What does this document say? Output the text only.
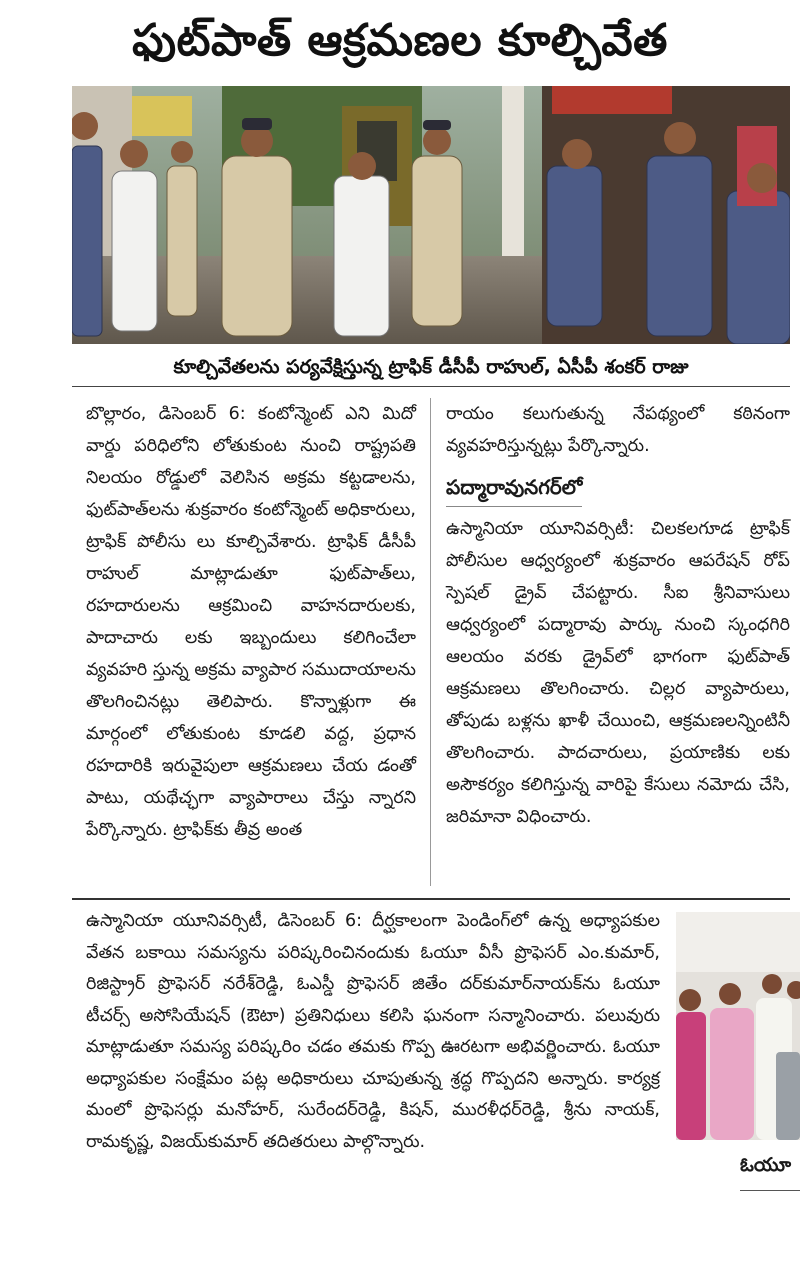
ఫుట్‌పాత్ ఆక్రమణల కూల్చివేత
కూల్చివేతలను పర్యవేక్షిస్తున్న ట్రాఫిక్ డీసీపీ రాహుల్, ఏసీపీ శంకర్ రాజు

బొల్లారం, డిసెంబర్ 6: కంటోన్మెంట్ ఎని మిదో వార్డు పరిధిలోని లోతుకుంట నుంచి రాష్ట్రపతి నిలయం రోడ్డులో వెలిసిన అక్రమ కట్టడాలను, ఫుట్‌పాత్‌లను శుక్రవారం కంటోన్మెంట్ అధికారులు, ట్రాఫిక్ పోలీసు లు కూల్చివేశారు. ట్రాఫిక్ డీసీపీ రాహుల్ మాట్లాడుతూ ఫుట్‌పాత్‌లు, రహదారులను ఆక్రమించి వాహనదారులకు, పాదాచారు లకు ఇబ్బందులు కలిగించేలా వ్యవహరి స్తున్న అక్రమ వ్యాపార సముదాయాలను తొలగించినట్లు తెలిపారు. కొన్నాళ్లుగా ఈ మార్గంలో లోతుకుంట కూడలి వద్ద, ప్రధాన రహదారికి ఇరువైపులా ఆక్రమణలు చేయ డంతో పాటు, యథేచ్ఛగా వ్యాపారాలు చేస్తు న్నారని పేర్కొన్నారు. ట్రాఫిక్‌కు తీవ్ర అంత

రాయం కలుగుతున్న నేపథ్యంలో కఠినంగా వ్యవహరిస్తున్నట్లు పేర్కొన్నారు.

పద్మారావునగర్‌లో

ఉస్మానియా యూనివర్సిటీ: చిలకలగూడ ట్రాఫిక్ పోలీసుల ఆధ్వర్యంలో శుక్రవారం ఆపరేషన్ రోప్ స్పెషల్ డ్రైవ్ చేపట్టారు. సీఐ శ్రీనివాసులు ఆధ్వర్యంలో పద్మారావు పార్కు నుంచి స్కంధగిరి ఆలయం వరకు డ్రైవ్‌లో భాగంగా ఫుట్‌పాత్ ఆక్రమణలు తొలగించారు. చిల్లర వ్యాపారులు, తోపుడు బళ్లను ఖాళీ చేయించి, ఆక్రమణలన్నింటినీ తొలగించారు. పాదచారులు, ప్రయాణికు లకు అసౌకర్యం కలిగిస్తున్న వారిపై కేసులు నమోదు చేసి, జరిమానా విధించారు.

ఉస్మానియా యూనివర్సిటీ, డిసెంబర్ 6: దీర్ఘకాలంగా పెండింగ్‌లో ఉన్న అధ్యాపకుల వేతన బకాయి సమస్యను పరిష్కరించినందుకు ఓయూ వీసీ ప్రొఫెసర్ ఎం.కుమార్, రిజిస్ట్రార్ ప్రొఫెసర్ నరేశ్‌రెడ్డి, ఓఎస్డీ ప్రొఫెసర్ జితేం దర్‌కుమార్‌నాయక్‌ను ఓయూ టీచర్స్ అసోసియేషన్ (ఔటా) ప్రతినిధులు కలిసి ఘనంగా సన్మానించారు. పలువురు మాట్లాడుతూ సమస్య పరిష్కరిం చడం తమకు గొప్ప ఊరటగా అభివర్ణించారు. ఓయూ అధ్యాపకుల సంక్షేమం పట్ల అధికారులు చూపుతున్న శ్రద్ధ గొప్పదని అన్నారు. కార్యక్ర మంలో ప్రొఫెసర్లు మనోహర్, సురేందర్‌రెడ్డి, కిషన్, మురళీధర్‌రెడ్డి, శ్రీను నాయక్, రామకృష్ణ, విజయ్‌కుమార్ తదితరులు పాల్గొన్నారు.

ఓయూ
